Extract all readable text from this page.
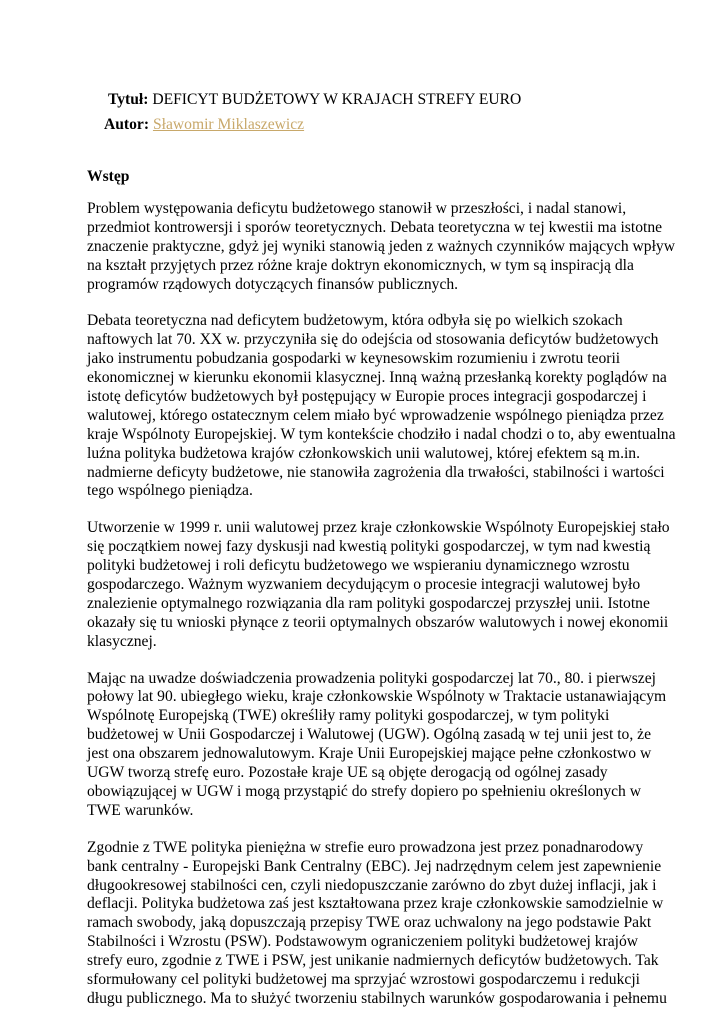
Tytuł: DEFICYT BUDŻETOWY W KRAJACH STREFY EURO
Autor: Sławomir Miklaszewicz
Wstęp

Problem występowania deficytu budżetowego stanowił w przeszłości, i nadal stanowi,
przedmiot kontrowersji i sporów teoretycznych. Debata teoretyczna w tej kwestii ma istotne
znaczenie praktyczne, gdyż jej wyniki stanowią jeden z ważnych czynników mających wpływ
na kształt przyjętych przez różne kraje doktryn ekonomicznych, w tym są inspiracją dla
programów rządowych dotyczących finansów publicznych.

Debata teoretyczna nad deficytem budżetowym, która odbyła się po wielkich szokach
naftowych lat 70. XX w. przyczyniła się do odejścia od stosowania deficytów budżetowych
jako instrumentu pobudzania gospodarki w keynesowskim rozumieniu i zwrotu teorii
ekonomicznej w kierunku ekonomii klasycznej. Inną ważną przesłanką korekty poglądów na
istotę deficytów budżetowych był postępujący w Europie proces integracji gospodarczej i
walutowej, którego ostatecznym celem miało być wprowadzenie wspólnego pieniądza przez
kraje Wspólnoty Europejskiej. W tym kontekście chodziło i nadal chodzi o to, aby ewentualna
luźna polityka budżetowa krajów członkowskich unii walutowej, której efektem są m.in.
nadmierne deficyty budżetowe, nie stanowiła zagrożenia dla trwałości, stabilności i wartości
tego wspólnego pieniądza.

Utworzenie w 1999 r. unii walutowej przez kraje członkowskie Wspólnoty Europejskiej stało
się początkiem nowej fazy dyskusji nad kwestią polityki gospodarczej, w tym nad kwestią
polityki budżetowej i roli deficytu budżetowego we wspieraniu dynamicznego wzrostu
gospodarczego. Ważnym wyzwaniem decydującym o procesie integracji walutowej było
znalezienie optymalnego rozwiązania dla ram polityki gospodarczej przyszłej unii. Istotne
okazały się tu wnioski płynące z teorii optymalnych obszarów walutowych i nowej ekonomii
klasycznej.

Mając na uwadze doświadczenia prowadzenia polityki gospodarczej lat 70., 80. i pierwszej
połowy lat 90. ubiegłego wieku, kraje członkowskie Wspólnoty w Traktacie ustanawiającym
Wspólnotę Europejską (TWE) określiły ramy polityki gospodarczej, w tym polityki
budżetowej w Unii Gospodarczej i Walutowej (UGW). Ogólną zasadą w tej unii jest to, że
jest ona obszarem jednowalutowym. Kraje Unii Europejskiej mające pełne członkostwo w
UGW tworzą strefę euro. Pozostałe kraje UE są objęte derogacją od ogólnej zasady
obowiązującej w UGW i mogą przystąpić do strefy dopiero po spełnieniu określonych w
TWE warunków.

Zgodnie z TWE polityka pieniężna w strefie euro prowadzona jest przez ponadnarodowy
bank centralny - Europejski Bank Centralny (EBC). Jej nadrzędnym celem jest zapewnienie
długookresowej stabilności cen, czyli niedopuszczanie zarówno do zbyt dużej inflacji, jak i
deflacji. Polityka budżetowa zaś jest kształtowana przez kraje członkowskie samodzielnie w
ramach swobody, jaką dopuszczają przepisy TWE oraz uchwalony na jego podstawie Pakt
Stabilności i Wzrostu (PSW). Podstawowym ograniczeniem polityki budżetowej krajów
strefy euro, zgodnie z TWE i PSW, jest unikanie nadmiernych deficytów budżetowych. Tak
sformułowany cel polityki budżetowej ma sprzyjać wzrostowi gospodarczemu i redukcji
długu publicznego. Ma to służyć tworzeniu stabilnych warunków gospodarowania i pełnemu
